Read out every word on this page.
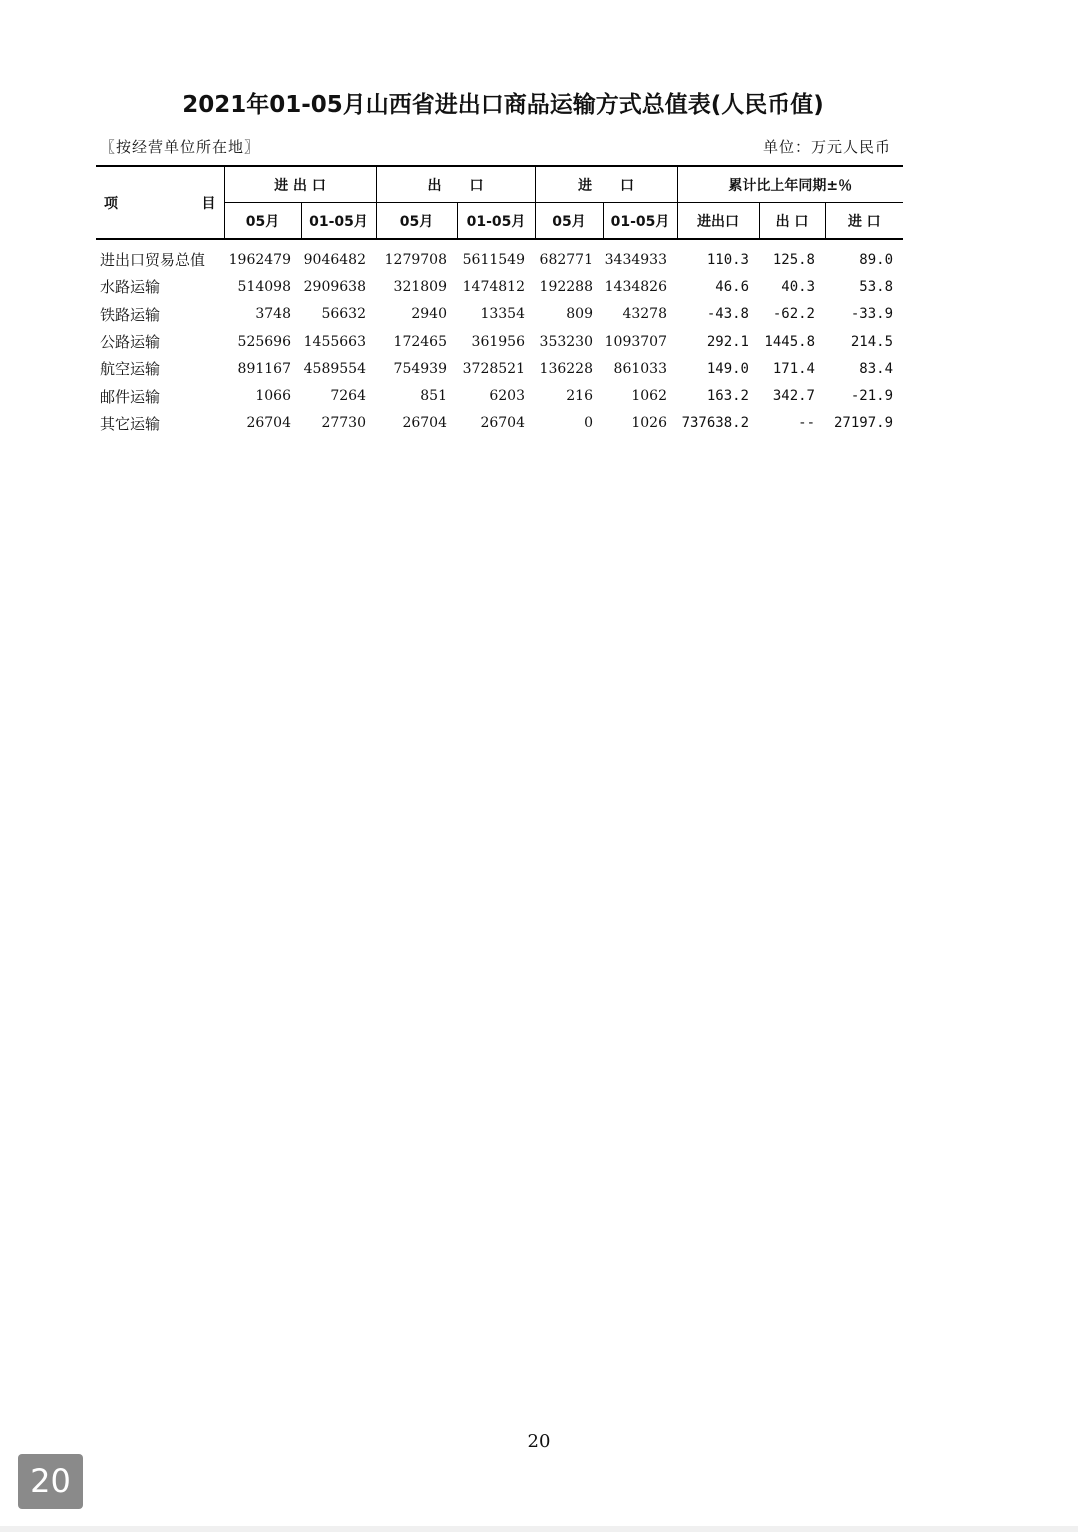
2021年01-05月山西省进出口商品运输方式总值表(人民币值)
〖按经营单位所在地〗	单位：万元人民币
项 目	进 出 口		出　　口		进　　口		累计比上年同期±％		
	05月	01-05月	05月	01-05月	05月	01-05月	进出口	出 口	进 口
进出口贸易总值	1962479	9046482	1279708	5611549	682771	3434933	110.3	125.8	89.0
水路运输	514098	2909638	321809	1474812	192288	1434826	46.6	40.3	53.8
铁路运输	3748	56632	2940	13354	809	43278	-43.8	-62.2	-33.9
公路运输	525696	1455663	172465	361956	353230	1093707	292.1	1445.8	214.5
航空运输	891167	4589554	754939	3728521	136228	861033	149.0	171.4	83.4
邮件运输	1066	7264	851	6203	216	1062	163.2	342.7	-21.9
其它运输	26704	27730	26704	26704	0	1026	737638.2	--	27197.9
20
20
